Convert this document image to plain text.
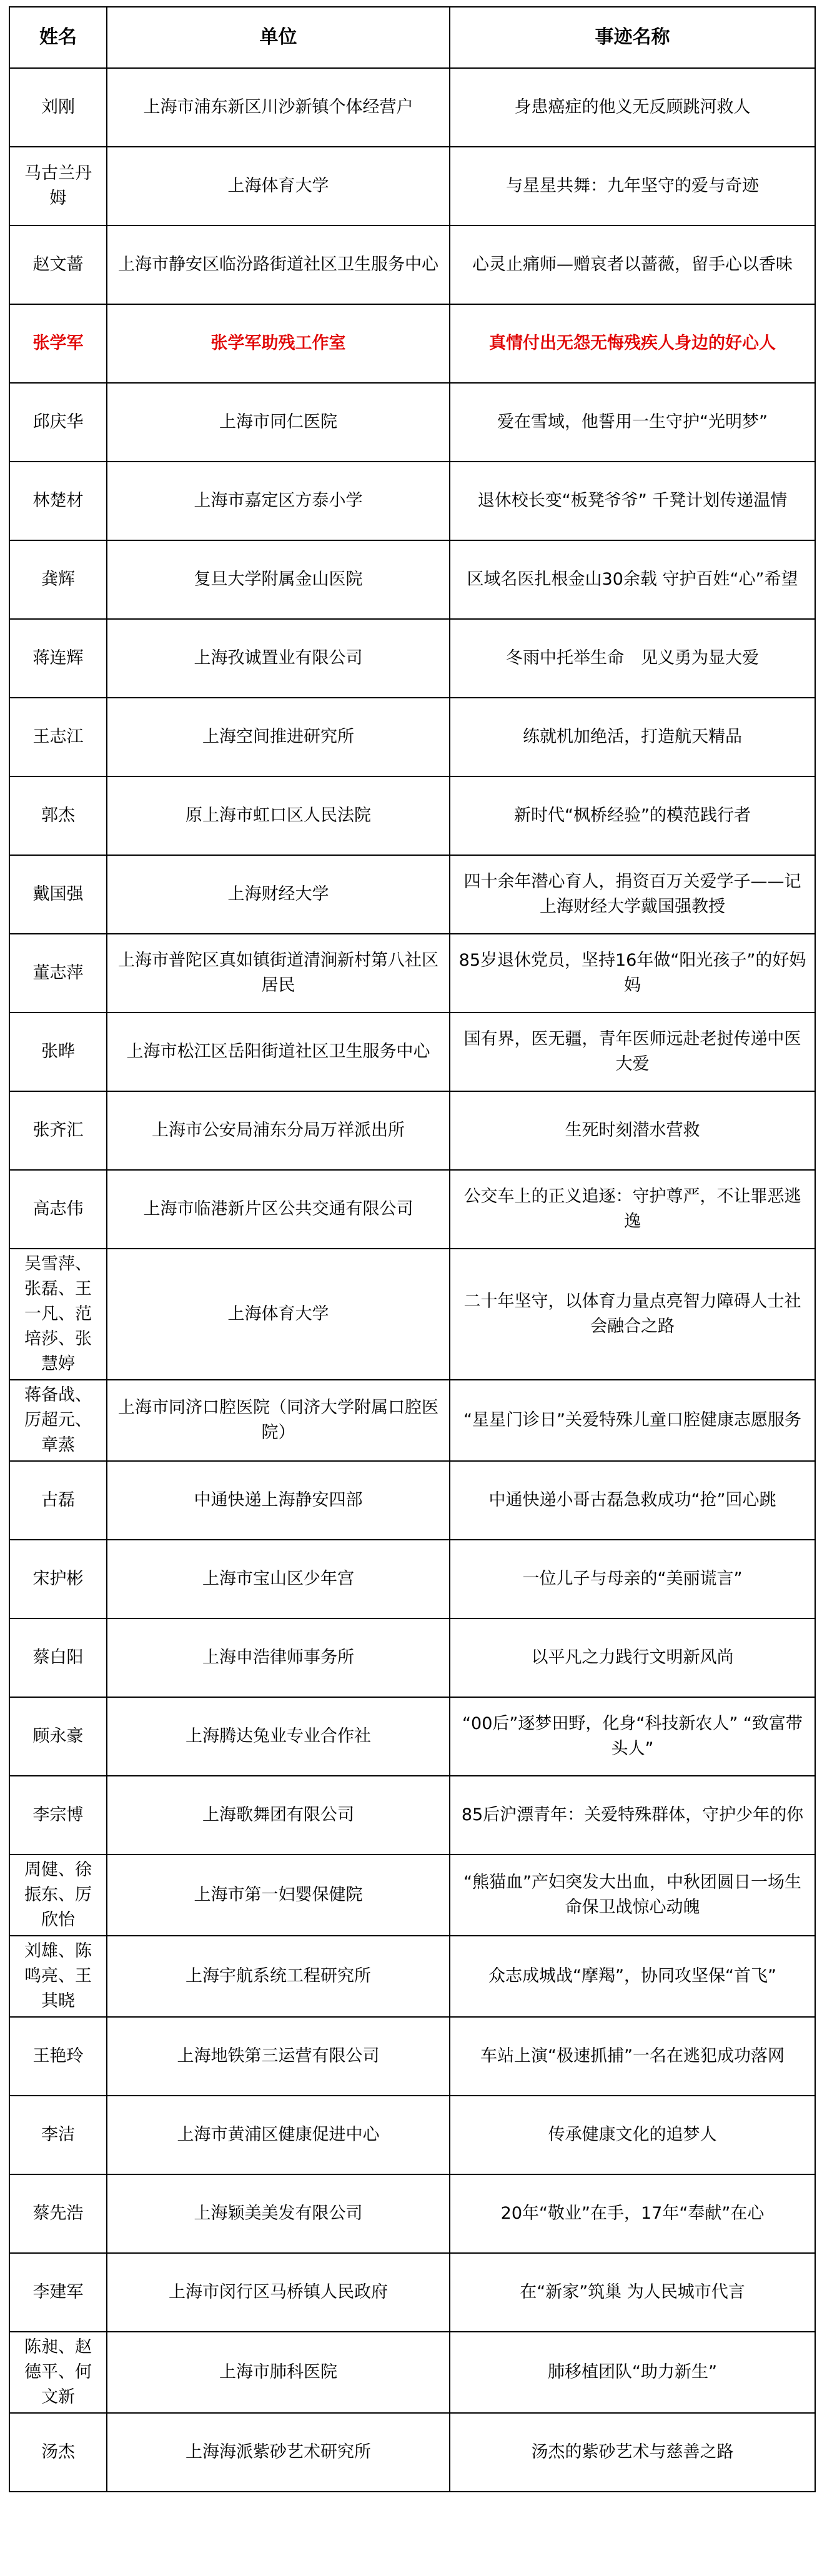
姓名	单位	事迹名称
刘刚	上海市浦东新区川沙新镇个体经营户	身患癌症的他义无反顾跳河救人
马古兰丹姆	上海体育大学	与星星共舞：九年坚守的爱与奇迹
赵文蔷	上海市静安区临汾路街道社区卫生服务中心	心灵止痛师—赠哀者以蔷薇，留手心以香味
张学军	张学军助残工作室	真情付出无怨无悔残疾人身边的好心人
邱庆华	上海市同仁医院	爱在雪域，他誓用一生守护“光明梦”
林楚材	上海市嘉定区方泰小学	退休校长变“板凳爷爷” 千凳计划传递温情
龚辉	复旦大学附属金山医院	区域名医扎根金山30余载 守护百姓“心”希望
蒋连辉	上海孜诚置业有限公司	冬雨中托举生命　见义勇为显大爱
王志江	上海空间推进研究所	练就机加绝活，打造航天精品
郭杰	原上海市虹口区人民法院	新时代“枫桥经验”的模范践行者
戴国强	上海财经大学	四十余年潜心育人，捐资百万关爱学子——记上海财经大学戴国强教授
董志萍	上海市普陀区真如镇街道清涧新村第八社区居民	85岁退休党员，坚持16年做“阳光孩子”的好妈妈
张晔	上海市松江区岳阳街道社区卫生服务中心	国有界，医无疆，青年医师远赴老挝传递中医大爱
张齐汇	上海市公安局浦东分局万祥派出所	生死时刻潜水营救
高志伟	上海市临港新片区公共交通有限公司	公交车上的正义追逐：守护尊严，不让罪恶逃逸
吴雪萍、张磊、王一凡、范培莎、张慧婷	上海体育大学	二十年坚守，以体育力量点亮智力障碍人士社会融合之路
蒋备战、厉超元、章蒸	上海市同济口腔医院（同济大学附属口腔医院）	“星星门诊日”关爱特殊儿童口腔健康志愿服务
古磊	中通快递上海静安四部	中通快递小哥古磊急救成功“抢”回心跳
宋护彬	上海市宝山区少年宫	一位儿子与母亲的“美丽谎言”
蔡白阳	上海申浩律师事务所	以平凡之力践行文明新风尚
顾永豪	上海腾达兔业专业合作社	“00后”逐梦田野，化身“科技新农人” “致富带头人”
李宗博	上海歌舞团有限公司	85后沪漂青年：关爱特殊群体，守护少年的你
周健、徐振东、厉欣怡	上海市第一妇婴保健院	“熊猫血”产妇突发大出血，中秋团圆日一场生命保卫战惊心动魄
刘雄、陈鸣亮、王其晓	上海宇航系统工程研究所	众志成城战“摩羯”，协同攻坚保“首飞”
王艳玲	上海地铁第三运营有限公司	车站上演“极速抓捕”一名在逃犯成功落网
李洁	上海市黄浦区健康促进中心	传承健康文化的追梦人
蔡先浩	上海颖美美发有限公司	20年“敬业”在手，17年“奉献”在心
李建军	上海市闵行区马桥镇人民政府	在“新家”筑巢 为人民城市代言
陈昶、赵德平、何文新	上海市肺科医院	肺移植团队“助力新生”
汤杰	上海海派紫砂艺术研究所	汤杰的紫砂艺术与慈善之路
